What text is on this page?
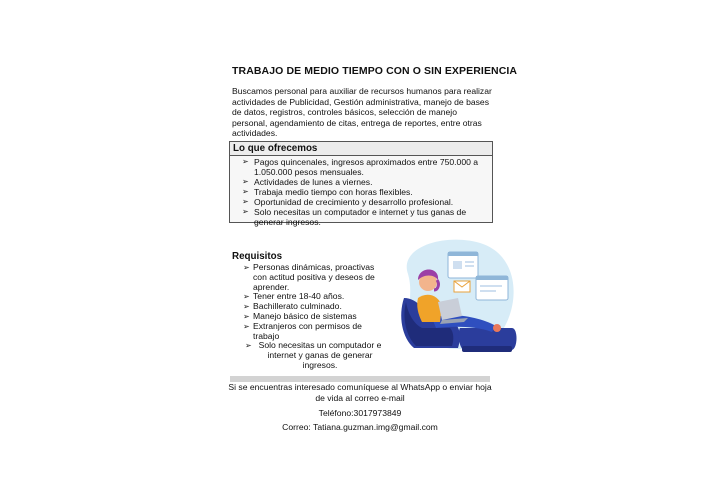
TRABAJO DE MEDIO TIEMPO CON O SIN EXPERIENCIA
Buscamos personal para auxiliar de recursos humanos para realizar actividades de Publicidad, Gestión administrativa, manejo de bases de datos, registros, controles básicos, selección de manejo personal, agendamiento de citas, entrega de reportes, entre otras actividades.
Lo que ofrecemos
➢ Pagos quincenales, ingresos aproximados entre 750.000 a 1.050.000 pesos mensuales.
➢ Actividades de lunes a viernes.
➢ Trabaja medio tiempo con horas flexibles.
➢ Oportunidad de crecimiento y desarrollo profesional.
➢ Solo necesitas un computador e internet y tus ganas de generar ingresos.
Requisitos
➢ Personas dinámicas, proactivas con actitud positiva y deseos de aprender.
➢ Tener entre 18-40 años.
➢ Bachillerato culminado.
➢ Manejo básico de sistemas
➢ Extranjeros con permisos de trabajo
➢ Solo necesitas un computador e internet y ganas de generar ingresos.
Si se encuentras interesado comuníquese al WhatsApp o enviar hoja de vida al correo e-mail
Teléfono:3017973849
Correo: Tatiana.guzman.img@gmail.com
